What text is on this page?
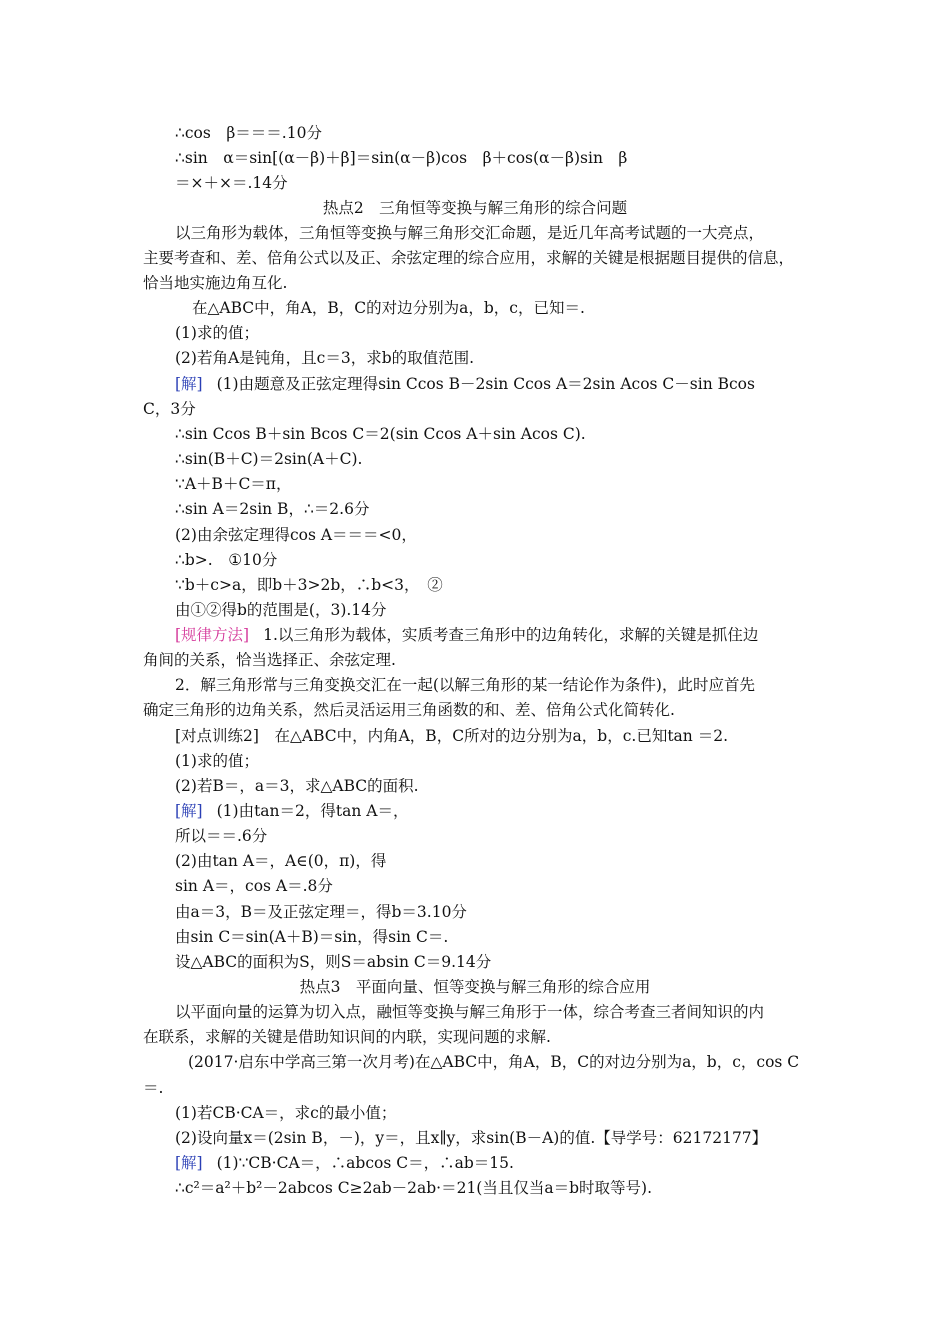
∴cos　β＝＝＝.10分
∴sin　α＝sin[(α－β)＋β]＝sin(α－β)cos　β＋cos(α－β)sin　β
＝×＋×＝.14分
热点2　三角恒等变换与解三角形的综合问题
以三角形为载体，三角恒等变换与解三角形交汇命题，是近几年高考试题的一大亮点，
主要考查和、差、倍角公式以及正、余弦定理的综合应用，求解的关键是根据题目提供的信息，
恰当地实施边角互化.
在△ABC中，角A，B，C的对边分别为a，b，c，已知＝.
(1)求的值；
(2)若角A是钝角，且c＝3，求b的取值范围.
[解] (1)由题意及正弦定理得sin Ccos B－2sin Ccos A＝2sin Acos C－sin Bcos
C，3分
∴sin Ccos B＋sin Bcos C＝2(sin Ccos A＋sin Acos C).
∴sin(B＋C)＝2sin(A＋C).
∵A＋B＋C＝π，
∴sin A＝2sin B，∴＝2.6分
(2)由余弦定理得cos A＝＝＝<0，
∴b>.　①10分
∵b＋c>a，即b＋3>2b，∴b<3，　②
由①②得b的范围是(，3).14分
[规律方法] 1.以三角形为载体，实质考查三角形中的边角转化，求解的关键是抓住边
角间的关系，恰当选择正、余弦定理.
2．解三角形常与三角变换交汇在一起(以解三角形的某一结论作为条件)，此时应首先
确定三角形的边角关系，然后灵活运用三角函数的和、差、倍角公式化简转化.
[对点训练2]　在△ABC中，内角A，B，C所对的边分别为a，b，c.已知tan ＝2.
(1)求的值；
(2)若B＝，a＝3，求△ABC的面积.
[解] (1)由tan＝2，得tan A＝，
所以＝＝.6分
(2)由tan A＝，A∈(0，π)，得
sin A＝，cos A＝.8分
由a＝3，B＝及正弦定理＝，得b＝3.10分
由sin C＝sin(A＋B)＝sin，得sin C＝.
设△ABC的面积为S，则S＝absin C＝9.14分
热点3　平面向量、恒等变换与解三角形的综合应用
以平面向量的运算为切入点，融恒等变换与解三角形于一体，综合考查三者间知识的内
在联系，求解的关键是借助知识间的内联，实现问题的求解.
(2017·启东中学高三第一次月考)在△ABC中，角A，B，C的对边分别为a，b，c，cos C
＝.
(1)若CB·CA＝，求c的最小值；
(2)设向量x＝(2sin B，－)，y＝，且x∥y，求sin(B－A)的值.【导学号：62172177】
[解] (1)∵CB·CA＝，∴abcos C＝，∴ab＝15.
∴c²＝a²＋b²－2abcos C≥2ab－2ab·＝21(当且仅当a＝b时取等号).
